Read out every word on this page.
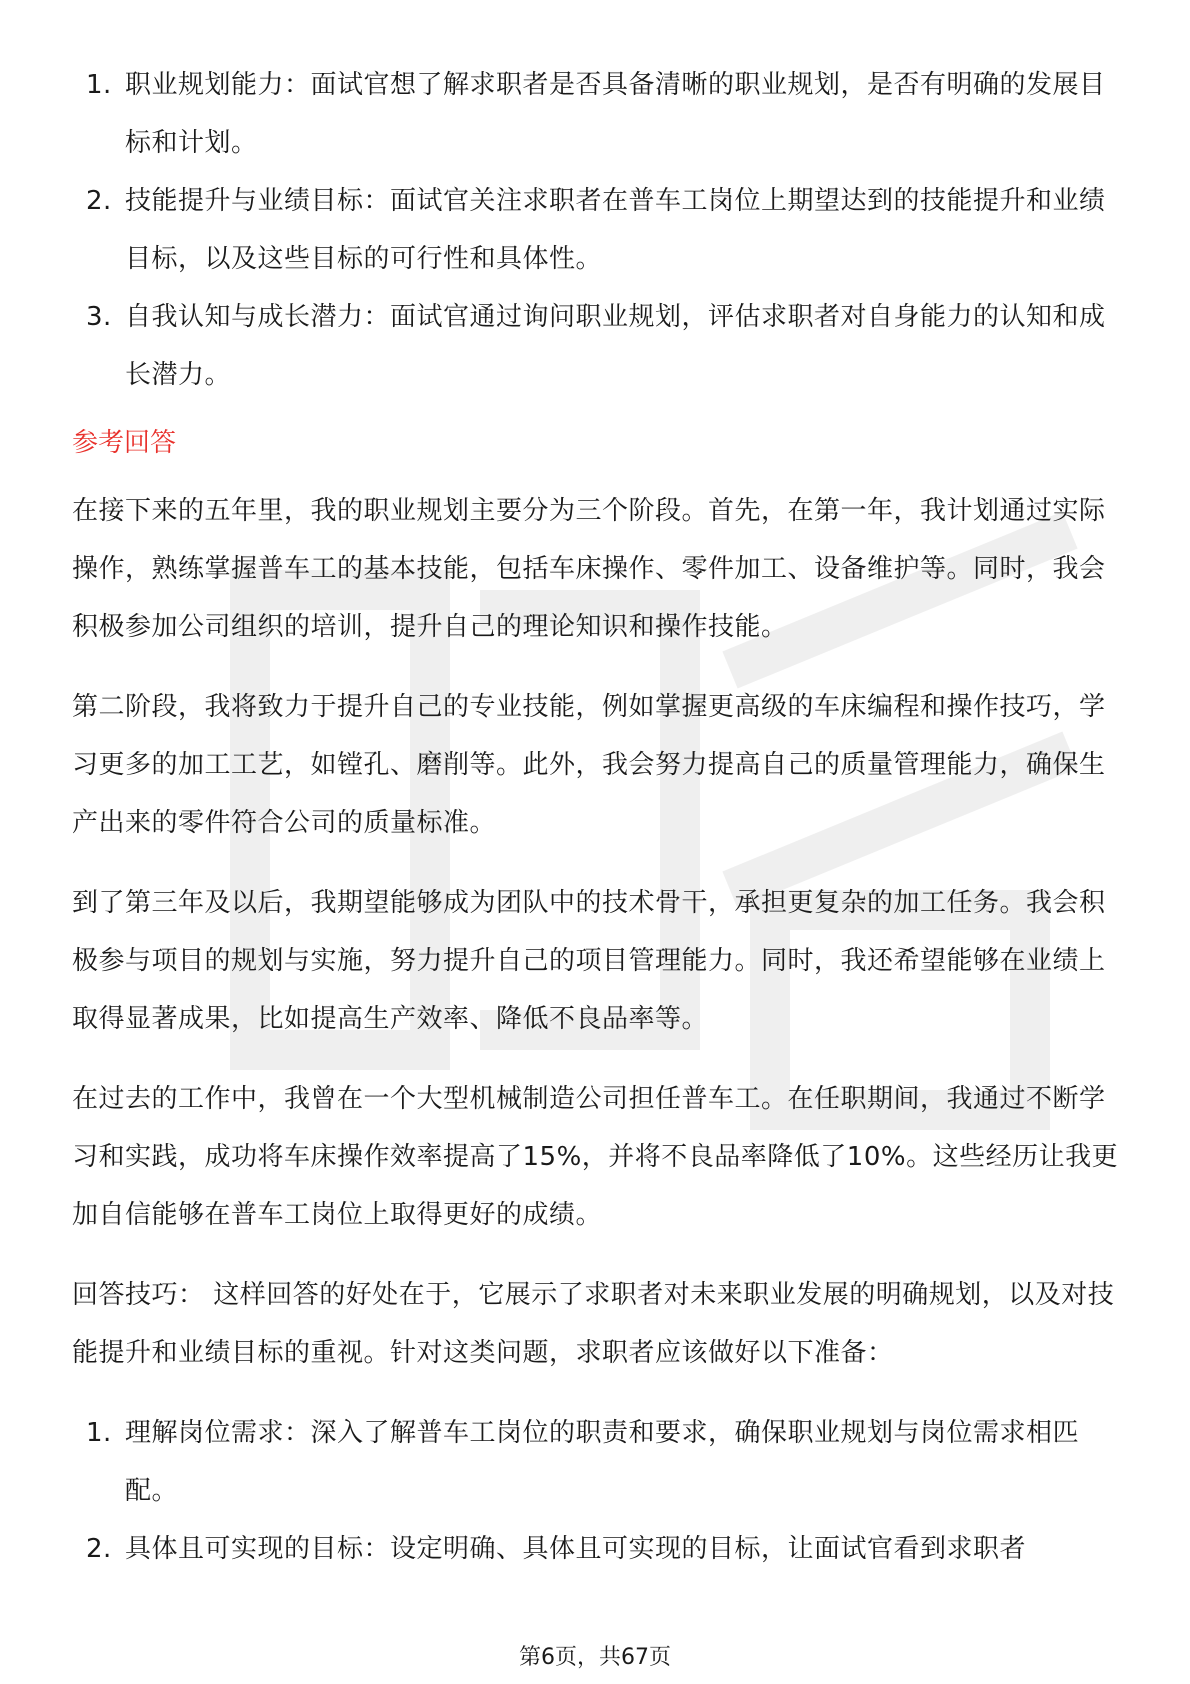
1. 职业规划能力：面试官想了解求职者是否具备清晰的职业规划，是否有明确的发展目标和计划。
2. 技能提升与业绩目标：面试官关注求职者在普车工岗位上期望达到的技能提升和业绩目标，以及这些目标的可行性和具体性。
3. 自我认知与成长潜力：面试官通过询问职业规划，评估求职者对自身能力的认知和成长潜力。
参考回答

在接下来的五年里，我的职业规划主要分为三个阶段。首先，在第一年，我计划通过实际操作，熟练掌握普车工的基本技能，包括车床操作、零件加工、设备维护等。同时，我会积极参加公司组织的培训，提升自己的理论知识和操作技能。

第二阶段，我将致力于提升自己的专业技能，例如掌握更高级的车床编程和操作技巧，学习更多的加工工艺，如镗孔、磨削等。此外，我会努力提高自己的质量管理能力，确保生产出来的零件符合公司的质量标准。

到了第三年及以后，我期望能够成为团队中的技术骨干，承担更复杂的加工任务。我会积极参与项目的规划与实施，努力提升自己的项目管理能力。同时，我还希望能够在业绩上取得显著成果，比如提高生产效率、降低不良品率等。

在过去的工作中，我曾在一个大型机械制造公司担任普车工。在任职期间，我通过不断学习和实践，成功将车床操作效率提高了15%，并将不良品率降低了10%。这些经历让我更加自信能够在普车工岗位上取得更好的成绩。

回答技巧： 这样回答的好处在于，它展示了求职者对未来职业发展的明确规划，以及对技能提升和业绩目标的重视。针对这类问题，求职者应该做好以下准备：

1. 理解岗位需求：深入了解普车工岗位的职责和要求，确保职业规划与岗位需求相匹配。
2. 具体且可实现的目标：设定明确、具体且可实现的目标，让面试官看到求职者
第6页，共67页
